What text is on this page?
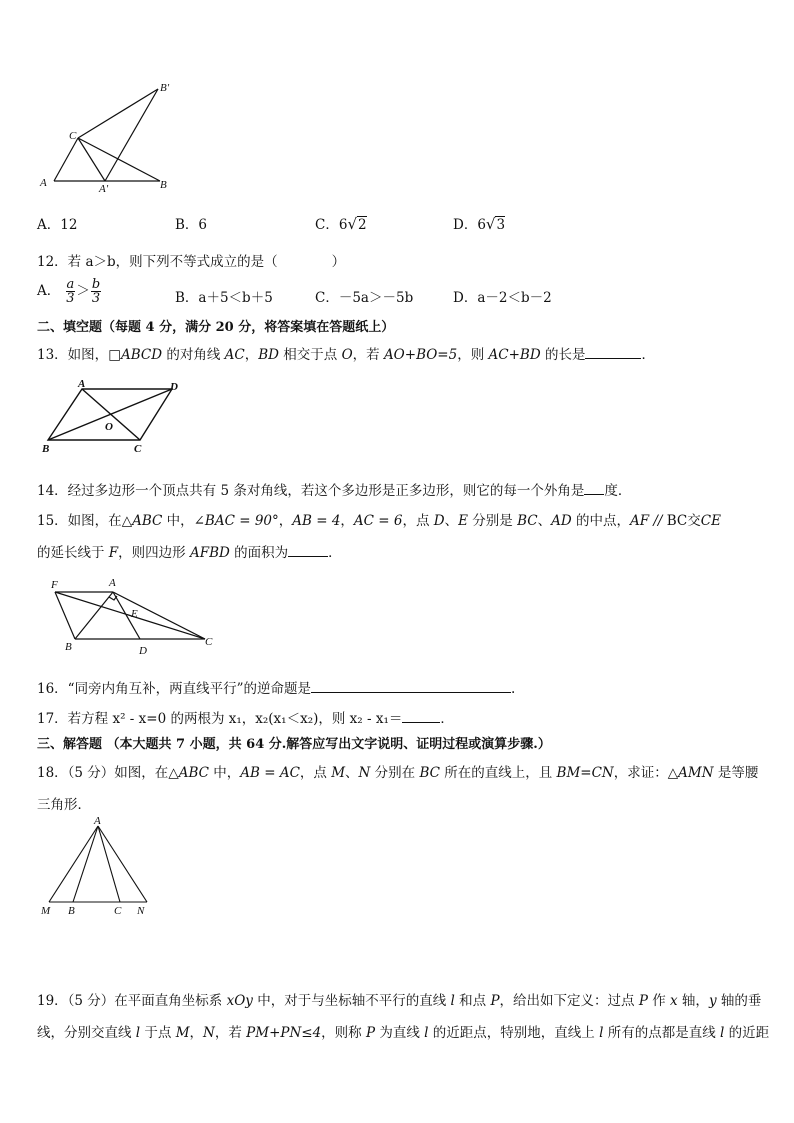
A	B
C
A′
B′
A．12	B．6	C．6√2	D．6√3
12．若 a＞b，则下列不等式成立的是（　　　　）
A． $\frac{a}{3} > \frac{b}{3}$	B．a＋5＜b＋5	C．－5a＞－5b	D．a－2＜b－2
二、填空题（每题 4 分，满分 20 分，将答案填在答题纸上）
13．如图，□ABCD 的对角线 AC，BD 相交于点 O，若 AO+BO=5，则 AC+BD 的长是	．
A	D
B	C
O
14．经过多边形一个顶点共有 5 条对角线，若这个多边形是正多边形，则它的每一个外角是 度．
15．如图，在△ABC 中，∠BAC = 90°，AB = 4，AC = 6，点 D、E 分别是 BC、AD 的中点，AF // BC交CE
的延长线于 F，则四边形 AFBD 的面积为	．
F	A
E
B	D
C
16．“同旁内角互补，两直线平行”的逆命题是	.
17．若方程 x² - x=0 的两根为 x₁，x₂(x₁＜x₂)，则 x₂ - x₁＝	．
三、解答题 （本大题共 7 小题，共 64 分.解答应写出文字说明、证明过程或演算步骤.）
18．（5 分）如图，在△ABC 中，AB = AC，点 M、N 分别在 BC 所在的直线上，且 BM=CN，求证：△AMN 是等腰
三角形．
A
M B	C N
19．（5 分）在平面直角坐标系 xOy 中，对于与坐标轴不平行的直线 l 和点 P，给出如下定义：过点 P 作 x 轴，y 轴的垂
线，分别交直线 l 于点 M，N，若 PM+PN≤4，则称 P 为直线 l 的近距点，特别地，直线上 l 所有的点都是直线 l 的近距
